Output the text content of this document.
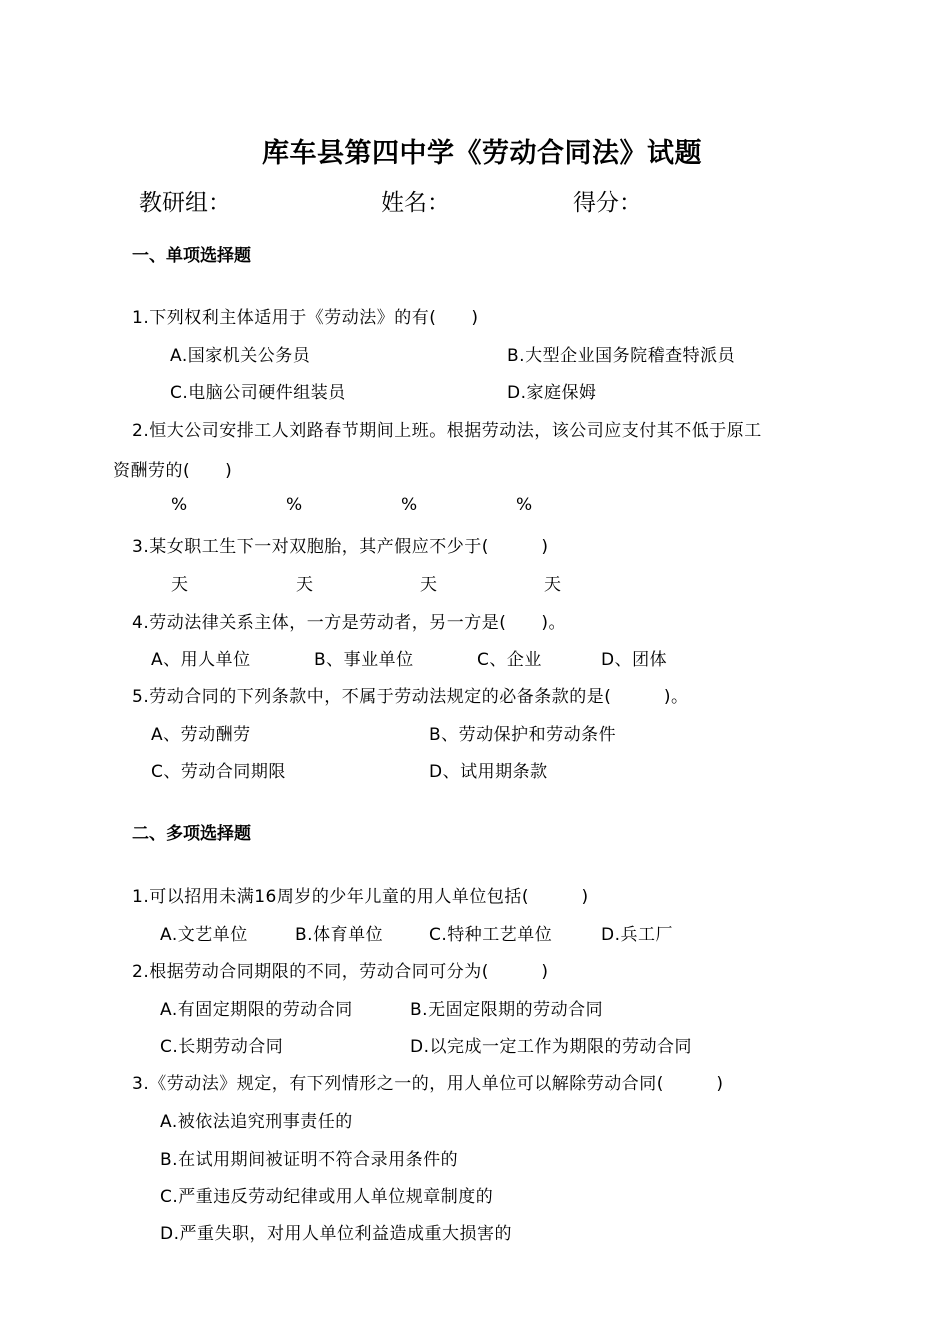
库车县第四中学《劳动合同法》试题
教研组：	姓名：	得分：
一、单项选择题
1.下列权利主体适用于《劳动法》的有(　　)
A.国家机关公务员	B.大型企业国务院稽查特派员
C.电脑公司硬件组装员	D.家庭保姆
2.恒大公司安排工人刘路春节期间上班。根据劳动法，该公司应支付其不低于原工
资酬劳的(　　)
%	%	%	%
3.某女职工生下一对双胞胎，其产假应不少于(　　　)
天	天	天	天
4.劳动法律关系主体，一方是劳动者，另一方是(　　)。
A、用人单位	B、事业单位	C、企业	D、团体
5.劳动合同的下列条款中，不属于劳动法规定的必备条款的是(　　　)。
A、劳动酬劳	B、劳动保护和劳动条件
C、劳动合同期限	D、试用期条款
二、多项选择题
1.可以招用未满16周岁的少年儿童的用人单位包括(　　　)
A.文艺单位	B.体育单位	C.特种工艺单位	D.兵工厂
2.根据劳动合同期限的不同，劳动合同可分为(　　　)
A.有固定期限的劳动合同	B.无固定限期的劳动合同
C.长期劳动合同	D.以完成一定工作为期限的劳动合同
3.《劳动法》规定，有下列情形之一的，用人单位可以解除劳动合同(　　　)
A.被依法追究刑事责任的
B.在试用期间被证明不符合录用条件的
C.严重违反劳动纪律或用人单位规章制度的
D.严重失职，对用人单位利益造成重大损害的
